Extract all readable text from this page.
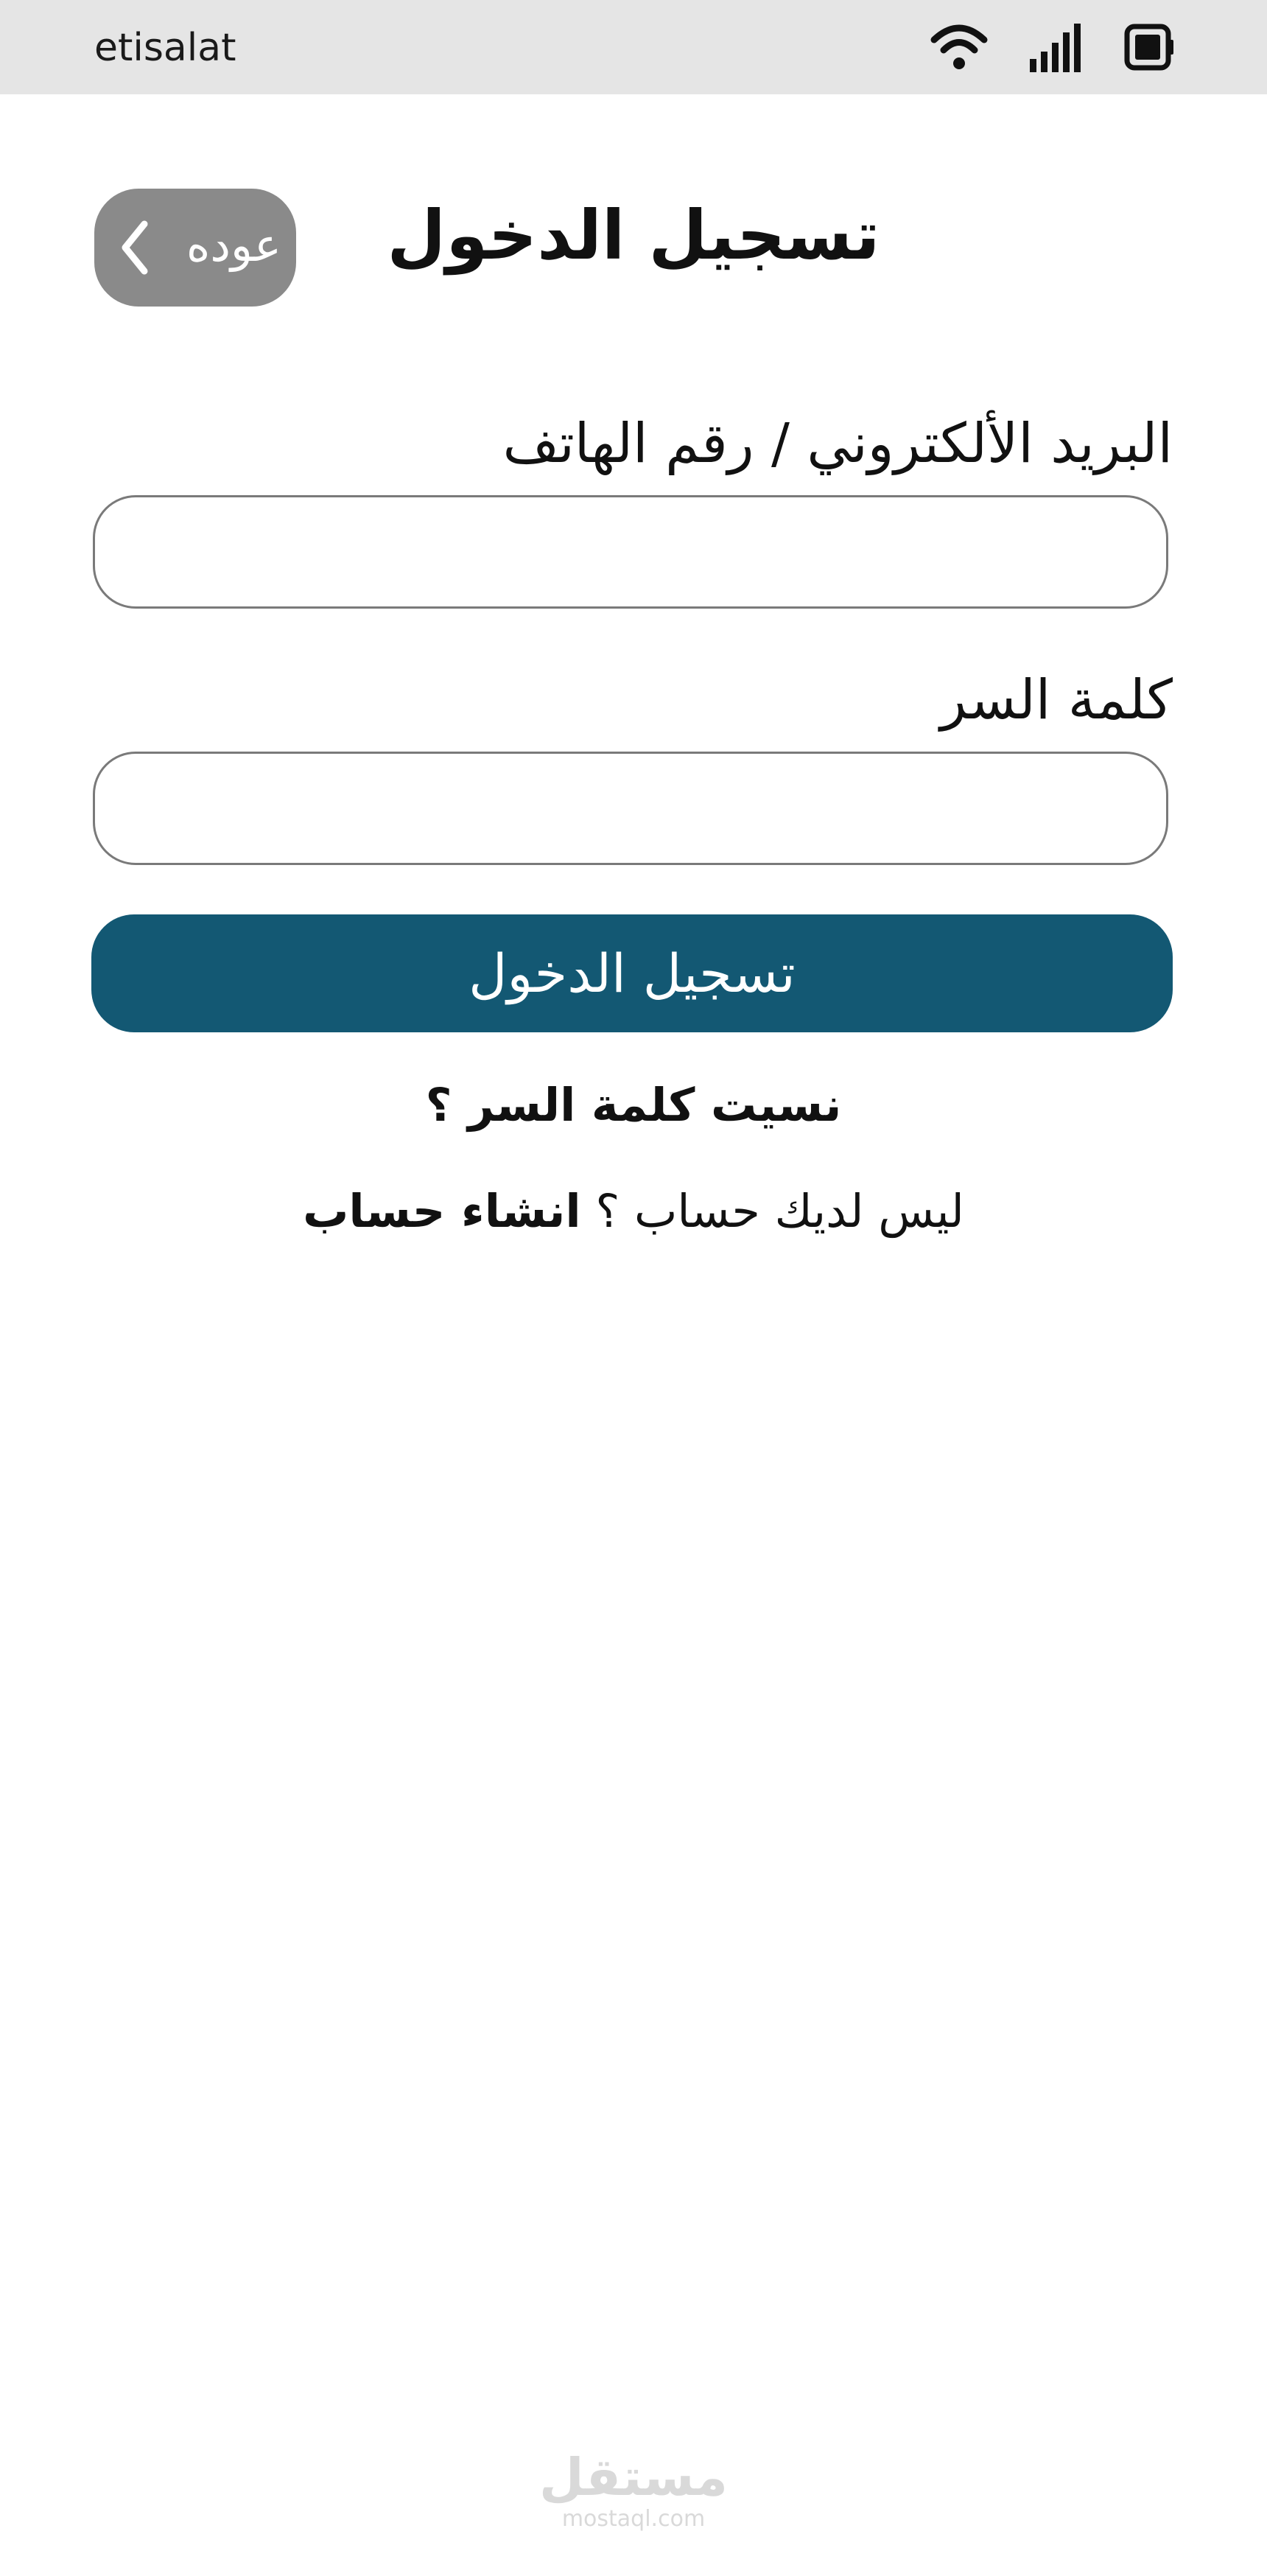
etisalat
عوده	تسجيل الدخول
البريد الألكتروني / رقم الهاتف
كلمة السر
تسجيل الدخول
نسيت كلمة السر ؟
ليس لديك حساب ؟ انشاء حساب
مستقل
mostaql.com
